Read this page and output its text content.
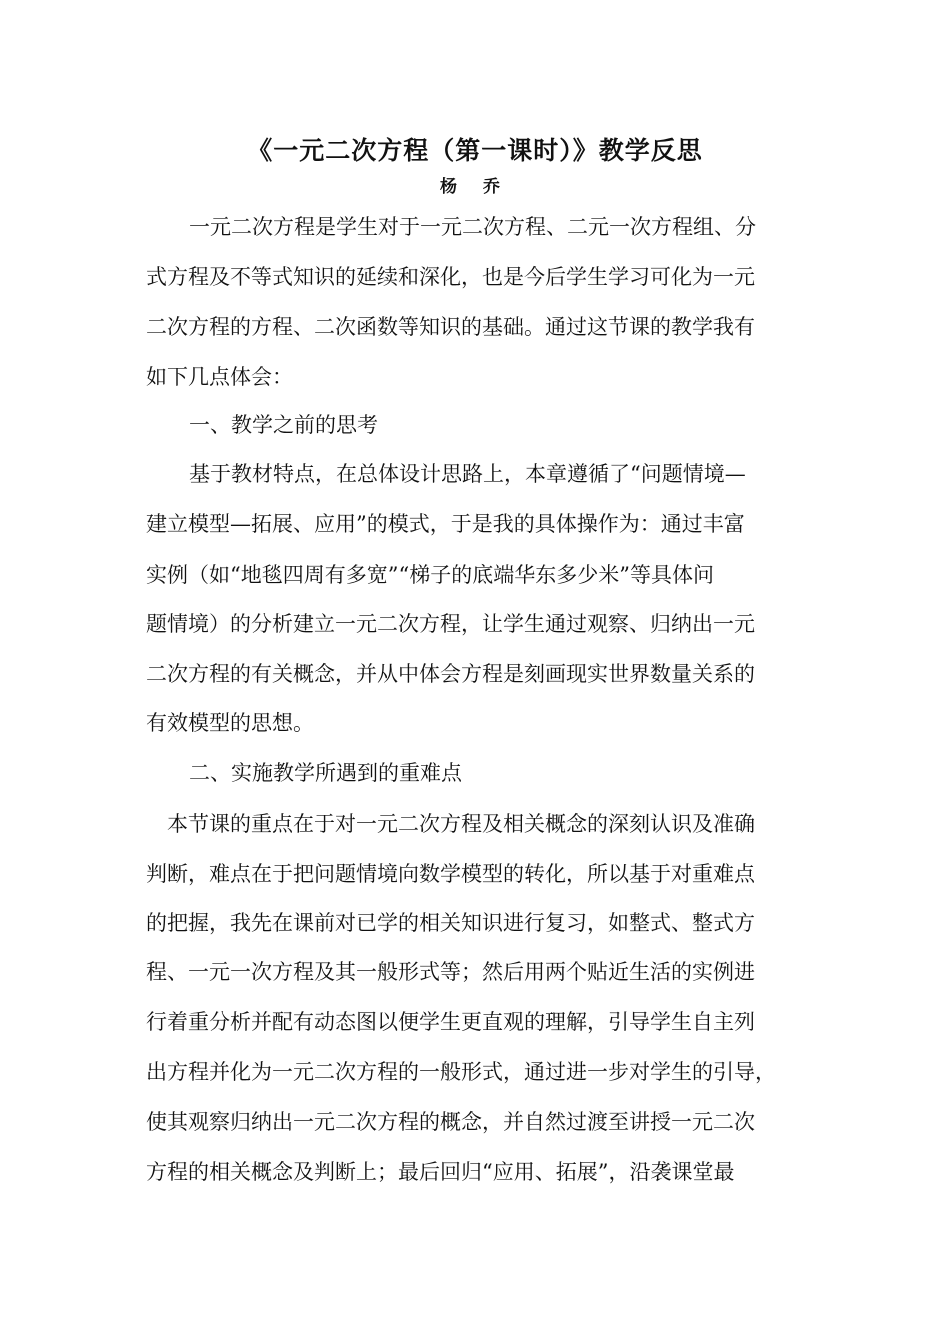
《一元二次方程（第一课时）》教学反思
杨 乔
一元二次方程是学生对于一元二次方程、二元一次方程组、分
式方程及不等式知识的延续和深化，也是今后学生学习可化为一元
二次方程的方程、二次函数等知识的基础。通过这节课的教学我有
如下几点体会：
一、教学之前的思考
基于教材特点，在总体设计思路上，本章遵循了“问题情境—
建立模型—拓展、应用”的模式，于是我的具体操作为：通过丰富
实例（如“地毯四周有多宽”“梯子的底端华东多少米”等具体问
题情境）的分析建立一元二次方程，让学生通过观察、归纳出一元
二次方程的有关概念，并从中体会方程是刻画现实世界数量关系的
有效模型的思想。
二、实施教学所遇到的重难点
本节课的重点在于对一元二次方程及相关概念的深刻认识及准确
判断，难点在于把问题情境向数学模型的转化，所以基于对重难点
的把握，我先在课前对已学的相关知识进行复习，如整式、整式方
程、一元一次方程及其一般形式等；然后用两个贴近生活的实例进
行着重分析并配有动态图以便学生更直观的理解，引导学生自主列
出方程并化为一元二次方程的一般形式，通过进一步对学生的引导，
使其观察归纳出一元二次方程的概念，并自然过渡至讲授一元二次
方程的相关概念及判断上；最后回归“应用、拓展”，沿袭课堂最
